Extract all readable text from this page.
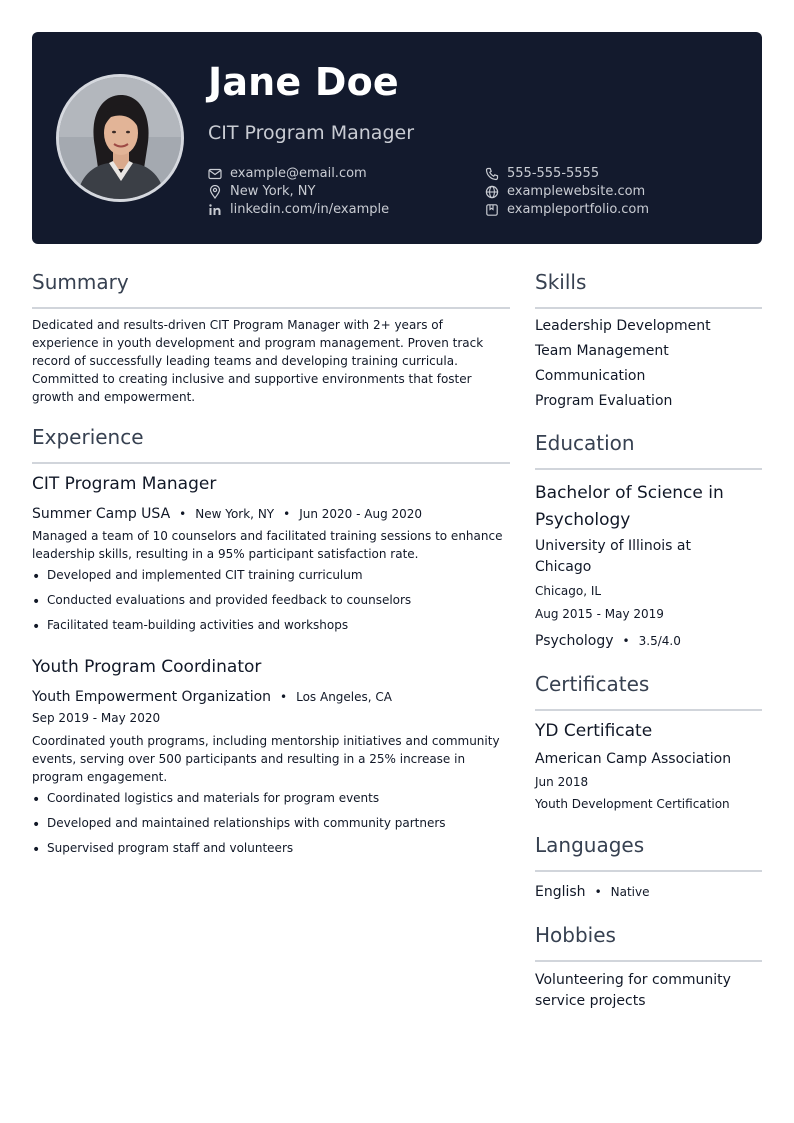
Jane Doe
CIT Program Manager
example@email.com
New York, NY
linkedin.com/in/example
555-555-5555
examplewebsite.com
exampleportfolio.com
Summary
Dedicated and results-driven CIT Program Manager with 2+ years of
experience in youth development and program management. Proven track
record of successfully leading teams and developing training curricula.
Committed to creating inclusive and supportive environments that foster
growth and empowerment.
Experience
CIT Program Manager
Summer Camp USA • New York, NY • Jun 2020 - Aug 2020
Managed a team of 10 counselors and facilitated training sessions to enhance
leadership skills, resulting in a 95% participant satisfaction rate.
• Developed and implemented CIT training curriculum
• Conducted evaluations and provided feedback to counselors
• Facilitated team-building activities and workshops
Youth Program Coordinator
Youth Empowerment Organization • Los Angeles, CA
Sep 2019 - May 2020
Coordinated youth programs, including mentorship initiatives and community
events, serving over 500 participants and resulting in a 25% increase in
program engagement.
• Coordinated logistics and materials for program events
• Developed and maintained relationships with community partners
• Supervised program staff and volunteers
Skills
Leadership Development
Team Management
Communication
Program Evaluation
Education
Bachelor of Science in
Psychology
University of Illinois at
Chicago
Chicago, IL
Aug 2015 - May 2019
Psychology • 3.5/4.0
Certificates
YD Certificate
American Camp Association
Jun 2018
Youth Development Certification
Languages
English • Native
Hobbies
Volunteering for community
service projects
